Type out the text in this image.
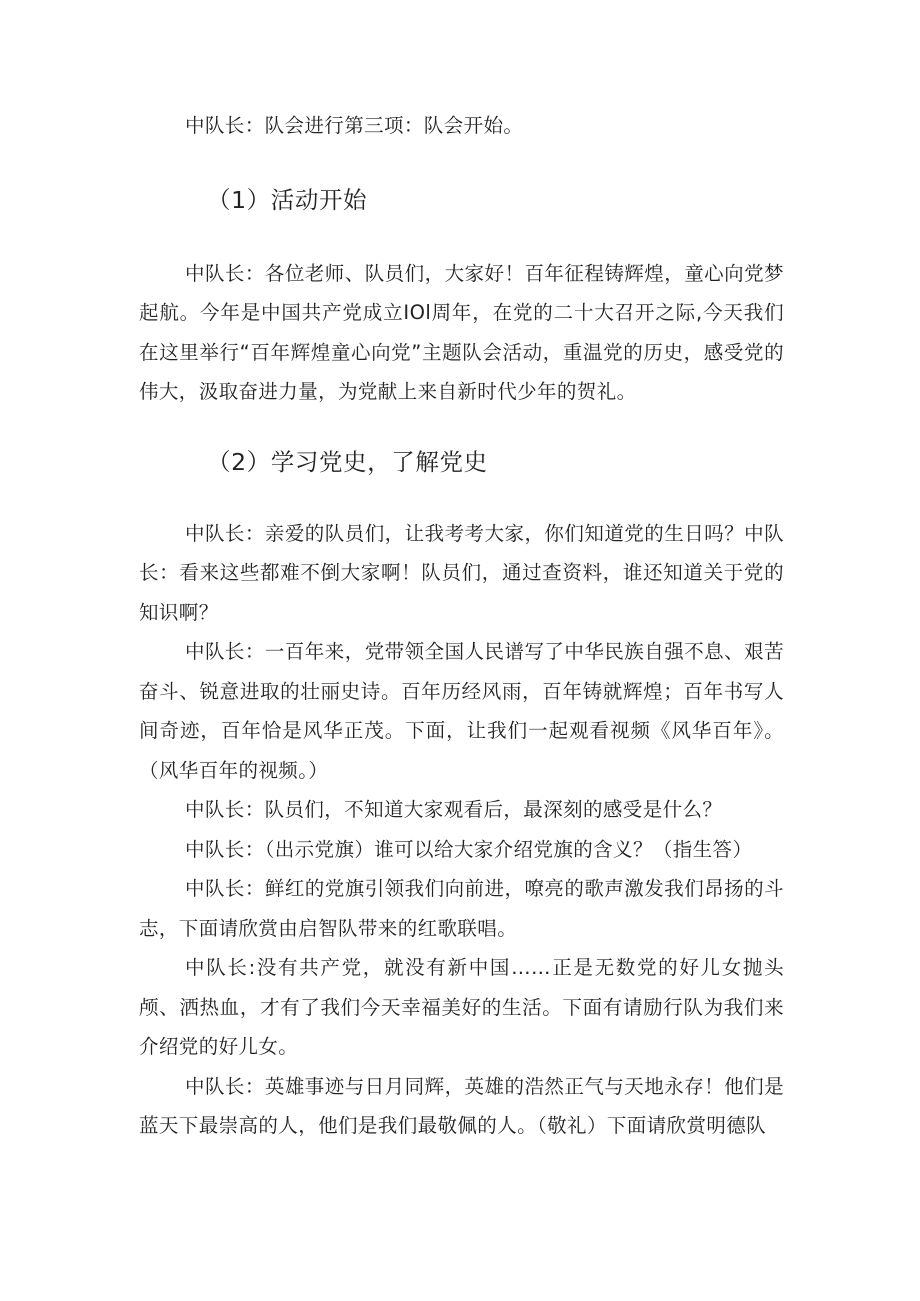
中队长：队会进行第三项：队会开始。

（1）活动开始

中队长：各位老师、队员们，大家好！百年征程铸辉煌，童心向党梦起航。今年是中国共产党成立IOl周年，在党的二十大召开之际,今天我们在这里举行“百年辉煌童心向党”主题队会活动，重温党的历史，感受党的伟大，汲取奋进力量，为党献上来自新时代少年的贺礼。

（2）学习党史，了解党史

中队长：亲爱的队员们，让我考考大家，你们知道党的生日吗？中队长：看来这些都难不倒大家啊！队员们，通过查资料，谁还知道关于党的知识啊？

中队长：一百年来，党带领全国人民谱写了中华民族自强不息、艰苦奋斗、锐意进取的壮丽史诗。百年历经风雨，百年铸就辉煌；百年书写人间奇迹，百年恰是风华正茂。下面，让我们一起观看视频《风华百年》。（风华百年的视频。）

中队长：队员们，不知道大家观看后，最深刻的感受是什么？

中队长：（出示党旗）谁可以给大家介绍党旗的含义？（指生答）

中队长：鲜红的党旗引领我们向前进，嘹亮的歌声激发我们昂扬的斗志，下面请欣赏由启智队带来的红歌联唱。

中队长:没有共产党，就没有新中国……正是无数党的好儿女抛头颅、洒热血，才有了我们今天幸福美好的生活。下面有请励行队为我们来介绍党的好儿女。

中队长：英雄事迹与日月同辉，英雄的浩然正气与天地永存！他们是蓝天下最崇高的人，他们是我们最敬佩的人。（敬礼）下面请欣赏明德队
